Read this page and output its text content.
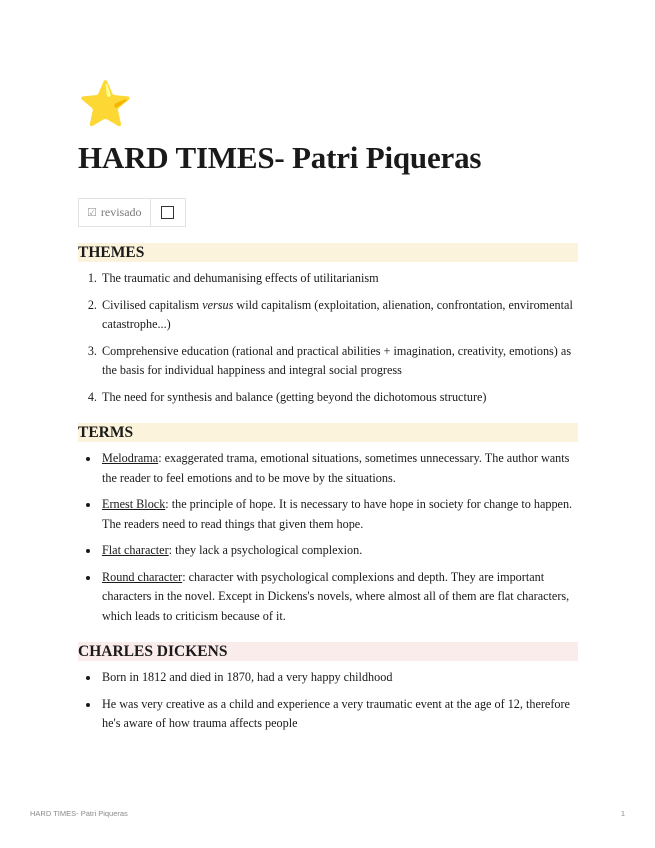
⭐
HARD TIMES- Patri Piqueras
☑ revisado
THEMES
1. The traumatic and dehumanising effects of utilitarianism
2. Civilised capitalism versus wild capitalism (exploitation, alienation, confrontation, enviromental catastrophe...)
3. Comprehensive education (rational and practical abilities + imagination, creativity, emotions) as the basis for individual happiness and integral social progress
4. The need for synthesis and balance (getting beyond the dichotomous structure)
TERMS
• Melodrama: exaggerated trama, emotional situations, sometimes unnecessary. The author wants the reader to feel emotions and to be move by the situations.
• Ernest Block: the principle of hope. It is necessary to have hope in society for change to happen. The readers need to read things that given them hope.
• Flat character: they lack a psychological complexion.
• Round character: character with psychological complexions and depth. They are important characters in the novel. Except in Dickens's novels, where almost all of them are flat characters, which leads to criticism because of it.
CHARLES DICKENS
• Born in 1812 and died in 1870, had a very happy childhood
• He was very creative as a child and experience a very traumatic event at the age of 12, therefore he's aware of how trauma affects people
HARD TIMES- Patri Piqueras	1
